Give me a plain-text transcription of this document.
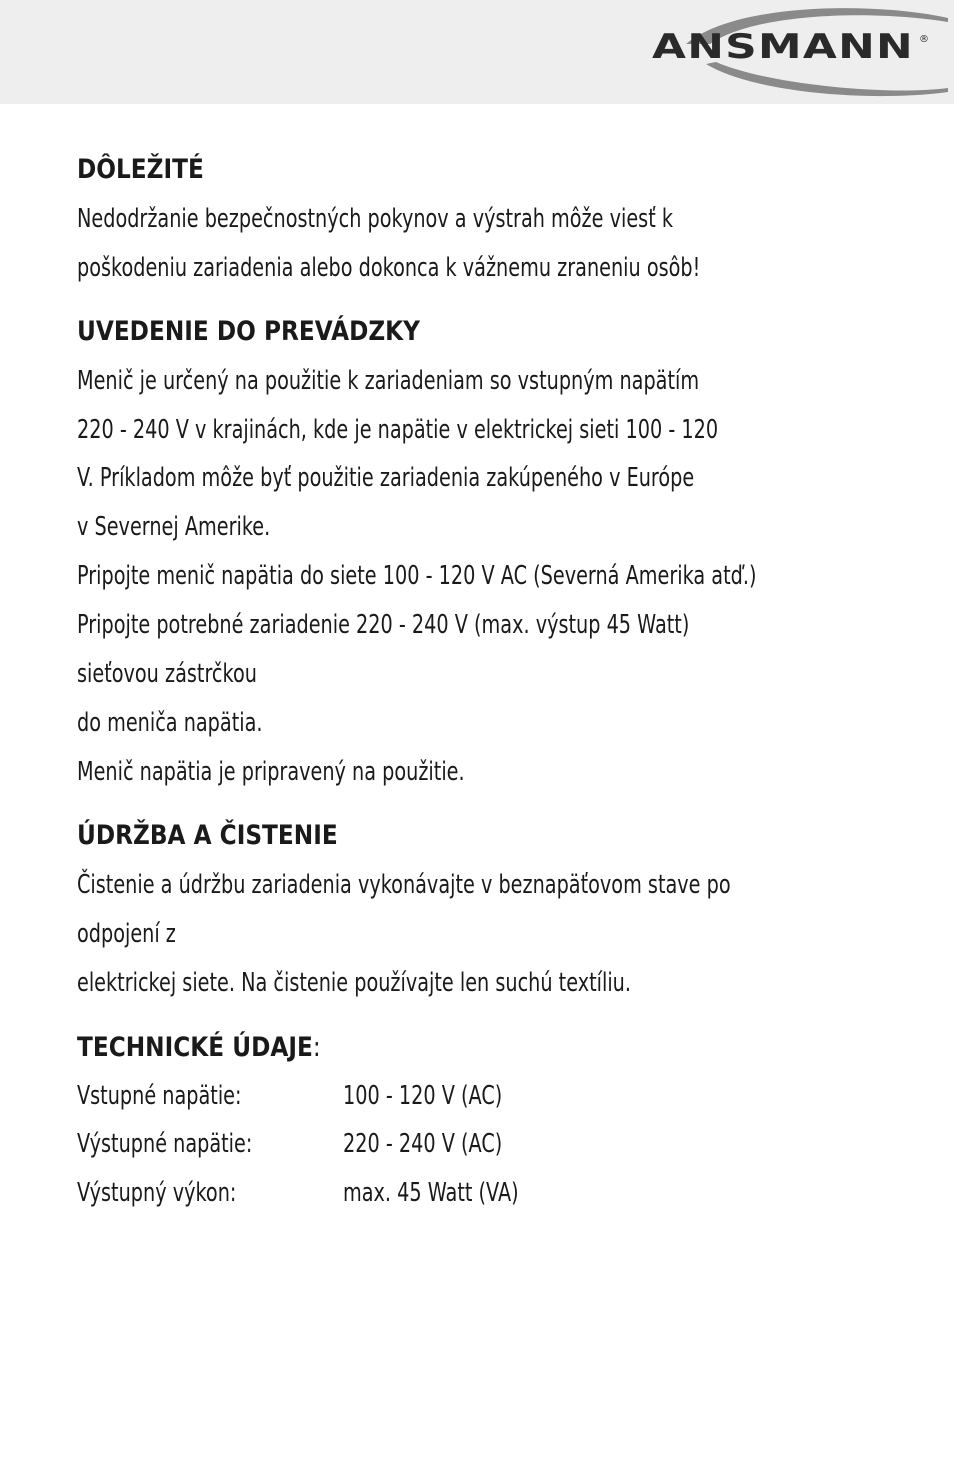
ANSMANN ®
DÔLEŽITÉ

Nedodržanie bezpečnostných pokynov a výstrah môže viesť k

poškodeniu zariadenia alebo dokonca k vážnemu zraneniu osôb!

UVEDENIE DO PREVÁDZKY

Menič je určený na použitie k zariadeniam so vstupným napätím

220 - 240 V v krajinách, kde je napätie v elektrickej sieti 100 - 120

V. Príkladom môže byť použitie zariadenia zakúpeného v Európe

v Severnej Amerike.

Pripojte menič napätia do siete 100 - 120 V AC (Severná Amerika atď.)

Pripojte potrebné zariadenie 220 - 240 V (max. výstup 45 Watt)

sieťovou zástrčkou

do meniča napätia.

Menič napätia je pripravený na použitie.

ÚDRŽBA A ČISTENIE

Čistenie a údržbu zariadenia vykonávajte v beznapäťovom stave po

odpojení z

elektrickej siete. Na čistenie používajte len suchú textíliu.

TECHNICKÉ ÚDAJE:
Vstupné napätie:	100 - 120 V (AC)
Výstupné napätie:	220 - 240 V (AC)
Výstupný výkon:	max. 45 Watt (VA)
